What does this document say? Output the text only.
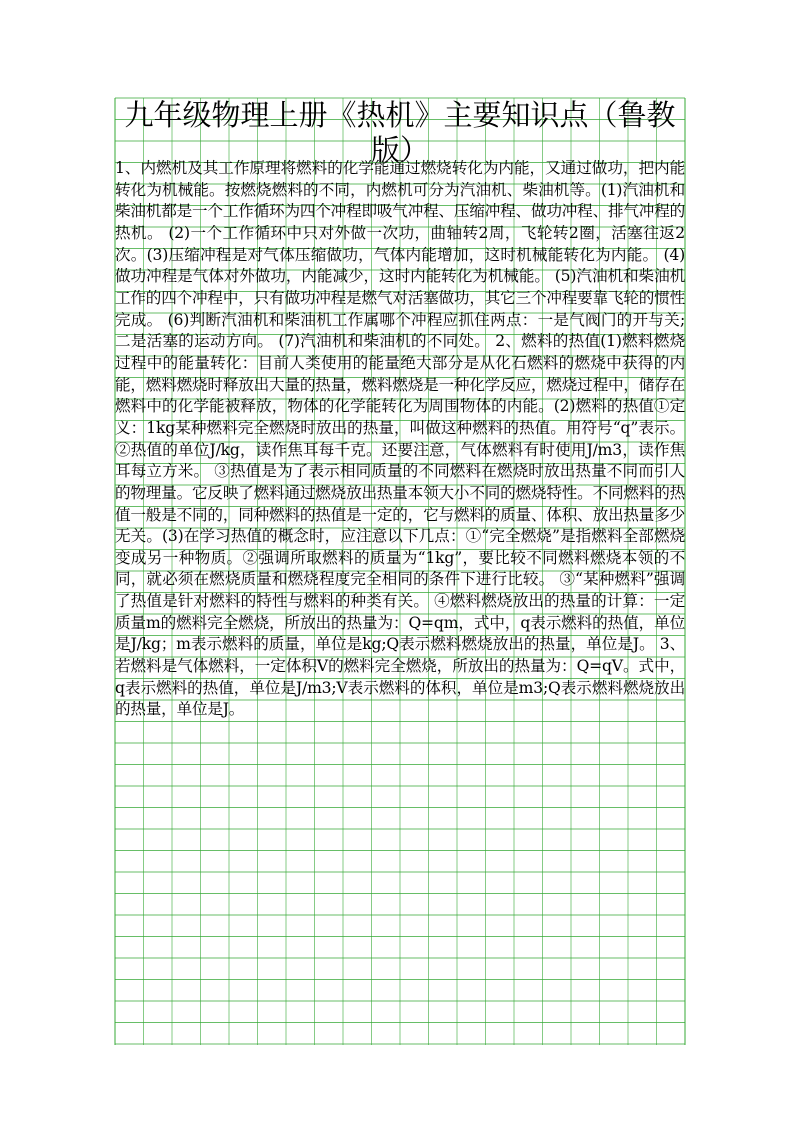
九年级物理上册《热机》主要知识点（鲁教版）

1、内燃机及其工作原理将燃料的化学能通过燃烧转化为内能，又通过做功，把内能转化为机械能。按燃烧燃料的不同，内燃机可分为汽油机、柴油机等。(1)汽油机和柴油机都是一个工作循环为四个冲程即吸气冲程、压缩冲程、做功冲程、排气冲程的热机。 (2)一个工作循环中只对外做一次功，曲轴转2周，飞轮转2圈，活塞往返2次。(3)压缩冲程是对气体压缩做功，气体内能增加，这时机械能转化为内能。 (4)做功冲程是气体对外做功，内能减少，这时内能转化为机械能。 (5)汽油机和柴油机工作的四个冲程中，只有做功冲程是燃气对活塞做功，其它三个冲程要靠飞轮的惯性完成。 (6)判断汽油机和柴油机工作属哪个冲程应抓住两点：一是气阀门的开与关;二是活塞的运动方向。 (7)汽油机和柴油机的不同处。 2、燃料的热值(1)燃料燃烧过程中的能量转化：目前人类使用的能量绝大部分是从化石燃料的燃烧中获得的内能，燃料燃烧时释放出大量的热量，燃料燃烧是一种化学反应，燃烧过程中，储存在燃料中的化学能被释放，物体的化学能转化为周围物体的内能。(2)燃料的热值①定义：1kg某种燃料完全燃烧时放出的热量，叫做这种燃料的热值。用符号“q”表示。 ②热值的单位J/kg，读作焦耳每千克。还要注意，气体燃料有时使用J/m3，读作焦耳每立方米。 ③热值是为了表示相同质量的不同燃料在燃烧时放出热量不同而引人的物理量。它反映了燃料通过燃烧放出热量本领大小不同的燃烧特性。不同燃料的热值一般是不同的，同种燃料的热值是一定的，它与燃料的质量、体积、放出热量多少无关。(3)在学习热值的概念时，应注意以下几点：①“完全燃烧”是指燃料全部燃烧变成另一种物质。②强调所取燃料的质量为“1kg”，要比较不同燃料燃烧本领的不同，就必须在燃烧质量和燃烧程度完全相同的条件下进行比较。 ③“某种燃料”强调了热值是针对燃料的特性与燃料的种类有关。 ④燃料燃烧放出的热量的计算：一定质量m的燃料完全燃烧，所放出的热量为：Q=qm，式中，q表示燃料的热值，单位是J/kg；m表示燃料的质量，单位是kg;Q表示燃料燃烧放出的热量，单位是J。 3、若燃料是气体燃料，一定体积V的燃料完全燃烧，所放出的热量为：Q=qV。式中，q表示燃料的热值，单位是J/m3;V表示燃料的体积，单位是m3;Q表示燃料燃烧放出的热量，单位是J。
